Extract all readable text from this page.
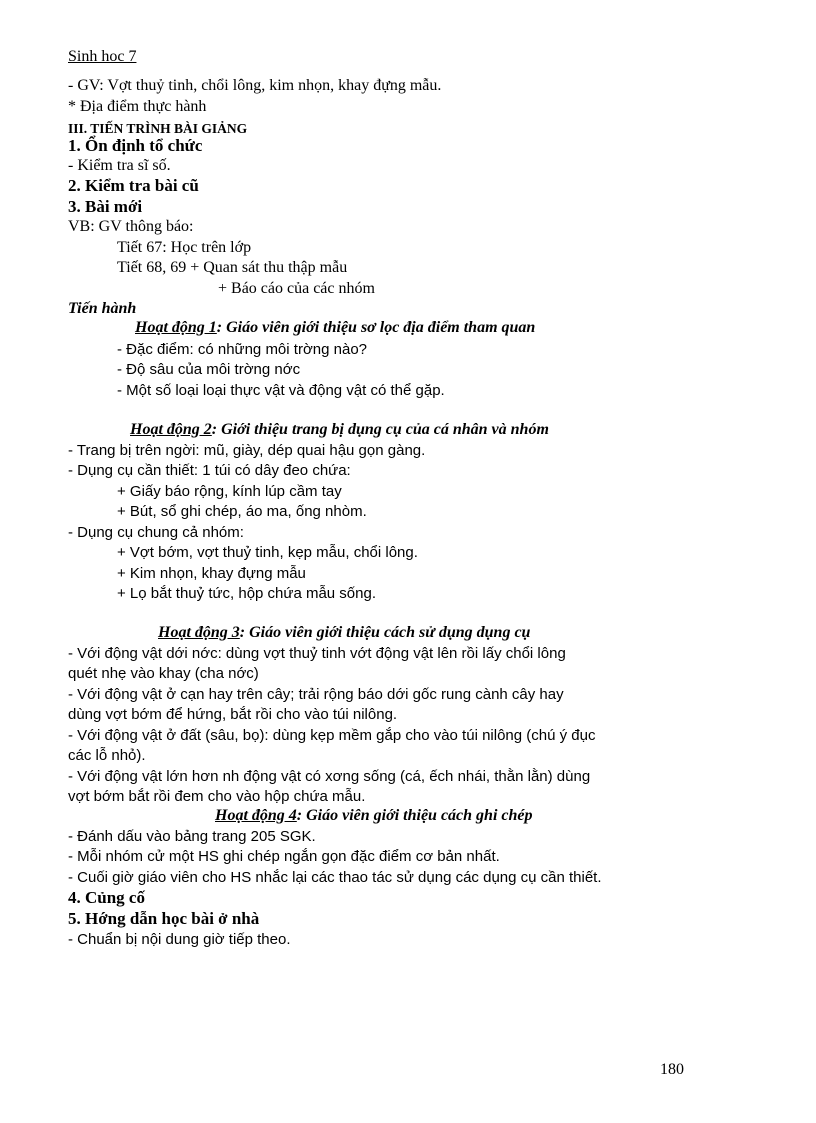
Sinh hoc 7
- GV: Vợt thuỷ tinh, chổi lông, kim nhọn, khay đựng mẫu.
* Địa điểm thực hành
III. TIẾN TRÌNH BÀI GIẢNG
1. Ổn định tổ chức
- Kiểm tra sĩ số.
2. Kiểm tra bài cũ
3. Bài mới
VB: GV thông báo:
Tiết 67: Học trên lớp
Tiết 68, 69 + Quan sát thu thập mẫu
+ Báo cáo của các nhóm
Tiến hành
Hoạt động 1: Giáo viên giới thiệu sơ lọc địa điểm tham quan
- Đặc điểm: có những môi trờng nào?
- Độ sâu của môi trờng nớc
- Một số loại loại thực vật và động vật có thể gặp.
Hoạt động 2: Giới thiệu trang bị dụng cụ của cá nhân và nhóm
- Trang bị trên ngời: mũ, giày, dép quai hậu gọn gàng.
- Dụng cụ cần thiết: 1 túi có dây đeo chứa:
+ Giấy báo rộng, kính lúp cầm tay
+ Bút, sổ ghi chép, áo ma, ống nhòm.
- Dụng cụ chung cả nhóm:
+ Vợt bớm, vợt thuỷ tinh, kẹp mẫu, chổi lông.
+ Kim nhọn, khay đựng mẫu
+ Lọ bắt thuỷ tức, hộp chứa mẫu sống.
Hoạt động 3: Giáo viên giới thiệu cách sử dụng dụng cụ
- Với động vật dới nớc: dùng vợt thuỷ tinh vớt động vật lên rồi lấy chổi lông
quét nhẹ vào khay (cha nớc)
- Với động vật ở cạn hay trên cây; trải rộng báo dới gốc rung cành cây hay
dùng vợt bớm để hứng, bắt rồi cho vào túi nilông.
- Với động vật ở đất (sâu, bọ): dùng kẹp mềm gắp cho vào túi nilông (chú ý đục
các lỗ nhỏ).
- Với động vật lớn hơn nh động vật có xơng sống (cá, ếch nhái, thằn lằn) dùng
vợt bớm bắt rồi đem cho vào hộp chứa mẫu.
Hoạt động 4: Giáo viên giới thiệu cách ghi chép
- Đánh dấu vào bảng trang 205 SGK.
- Mỗi nhóm cử một HS ghi chép ngắn gọn đặc điểm cơ bản nhất.
- Cuối giờ giáo viên cho HS nhắc lại các thao tác sử dụng các dụng cụ cần thiết.
4. Củng cố
5. Hớng dẫn học bài ở nhà
- Chuẩn bị nội dung giờ tiếp theo.
180
